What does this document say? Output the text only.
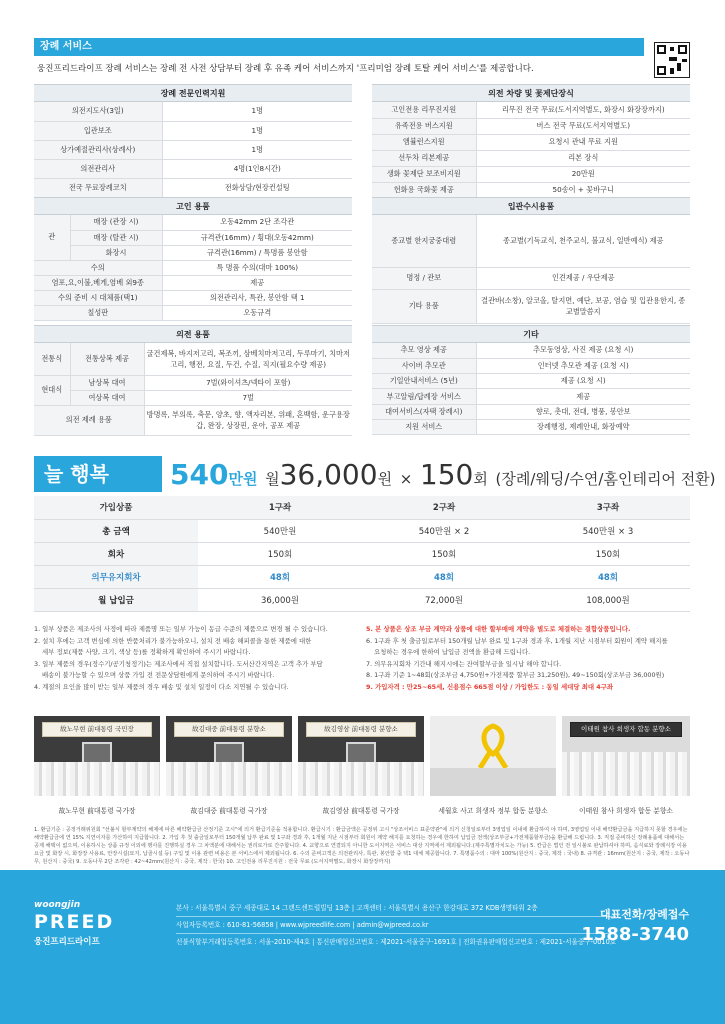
장례 서비스
웅진프리드라이프 장례 서비스는 장례 전 사전 상담부터 장례 후 유족 케어 서비스까지 '프리미엄 장례 토탈 케어 서비스'를 제공합니다.
장례 전문인력지원
의전지도사(3일)	1명
입관보조	1명
상가예절관리사(상례사)	1명
의전관리사	4명(1인8시간)
전국 무료장례코치	전화상담/현장컨설팅
고인 용품
관	매장 (관장 시)	오동42mm 2단 조각관
	매장 (탈관 시)	규격관(16mm) / 횡대(오동42mm)
	화장시	규격관(16mm) / 특명품 봉안함
수의		특 명품 수의(대마 100%)
염포,요,이불,베게,염베 외9종		제공
수의 준비 시 대체품(택1)		의전관리사, 특관, 봉안함 택 1
칠성판		오동규격
의전 용품
전통식	전통상복 제공	굴건제복, 바지저고리, 복조끼, 삼베치마저고리, 두루마기, 치마저고리, 행전, 요질, 두건, 수질, 직지(필요수량 제공)
현대식	남상복 대여	7벌(와이셔츠/넥타이 포함)
	여상복 대여	7벌
의전 제례 용품		방명록, 부의록, 축문, 양초, 향, 액자리본, 위패, 혼백함, 운구용장갑, 완장, 상장핀, 운아, 공포 제공
의전 차량 및 꽃제단장식
고인전용 리무진지원	리무진 전국 무료(도서지역별도, 화장시 화장장까지)
유족전용 버스지원	버스 전국 무료(도서지역별도)
앰뷸런스지원	요청시 관내 무료 지원
선두차 리본제공	리본 장식
생화 꽃제단 보조비지원	20만원
헌화용 국화꽃 제공	50송이 + 꽃바구니
입관수시용품
종교별 한지궁중대렴	종교별(기독교식, 천주교식, 불교식, 일반예식) 제공
명정 / 관보	인견제공 / 우단제공
기타 용품	결관바(소창), 알코올, 탈지면, 예단, 보공, 염습 및 입관용한지, 종교별말씀지
기타
추모 영상 제공	추모동영상, 사진 제공 (요청 시)
사이버 추모관	인터넷 추모관 제공 (요청 시)
기일안내서비스 (5년)	제공 (요청 시)
부고알림/답례장 서비스	제공
대여서비스(자택 장례시)	향로, 촛대, 전대, 병풍, 봉안보
지원 서비스	장례행정, 제례안내, 화장예약
늘 행복	540만원 월36,000원 × 150회 (장례/웨딩/수연/홈인테리어 전환)
가입상품	1구좌	2구좌	3구좌
총 금액	540만원	540만원 × 2	540만원 × 3
회차	150회	150회	150회
의무유지회차	48회	48회	48회
월 납입금	36,000원	72,000원	108,000원
1. 일부 상품은 제조사의 사정에 따라 제품명 또는 일부 가능이 동급 수준의 제품으로 변경 될 수 있습니다.
2. 설치 후에는 고객 변심에 의한 반품처리가 불가능하오니, 설치 전 배송 해피콜을 통한 제품에 대한
세부 정보(제품 사양, 크기, 색상 등)를 정확하게 확인하여 주시기 바랍니다.
3. 일부 제품의 경우(정수기/공기청정기)는 제조사에서 직접 설치합니다. 도서산간지역은 고객 추가 부담
배송이 불가능할 수 있으며 상품 가입 전 전문상담원에게 문의하여 주시기 바랍니다.
4. 계절의 요인을 많이 받는 일부 제품의 경우 배송 및 설치 일정이 다소 지연될 수 있습니다.
5. 본 상품은 상조 부금 계약과 상품에 대한 할부매매 계약을 별도로 체결하는 결합상품입니다.
6. 1구좌 후 첫 출금일로부터 150개월 납부 완료 및 1구좌 경과 후, 1개월 지난 시점부터 회원이 계약 해지를
요청하는 경우에 한하여 납입금 전액을 환급해 드립니다.
7. 의무유지회차 기간내 해지시에는 잔여할부금을 일시납 해야 합니다.
8. 1구좌 기준 1~48회(상조부금 4,750원+가전제품 할부금 31,250원), 49~150회(상조부금 36,000원)
9. 가입자격 : 만25~65세, 신용점수 665점 이상 / 가입한도 : 동일 세대당 최대 4구좌
故노무현 前대통령 국민장
故노무현 前대통령 국가장
故김대중 前대통령 분향소
故김대중 前대통령 국가장
故김영삼 前대통령 분향소
故김영삼 前대통령 국가장	세월호 사고 희생자 정부 합동 분향소
이태원 참사 희생자 합동 분향소
이태원 참사 희생자 합동 분향소
1. 환급기준 : 공정거래위원회 "선불식 할부계약의 해제에 따른 해약환급금 산정기준 고시"에 의거 환급기준을 적용합니다. 환급시기 : 환급금액은 공정위 고시 "상조서비스 표준약관"에 의거 신청일로부터 3영업일 이내에 환급하여 야 하며, 3영업일 이내 해약환급금을 지급하지 못할 경우에는 해약환급금에 연 15% 지연이자를 가산하여 지급합니다. 2. 가입 후 첫 출금일로부터 150개월 납부 완료 및 1구좌 경과 후, 1개월 지난 시점부터 회원이 계약 해지를 요청하는 경우에 한하여 납입금 전액(상조부금+가전제품할부금)을 환급해 드립니다. 3. 직접 준비하신 장례용품에 대해서는 공제 해택이 없으며, 이용하시는 상품 규정 이외에 행사를 진행하실 경우 그 차액분에 대해서는 권리로가로 간주합니다. 4. 교향으로 연결되지 아니한 도서지역은 서비스 대상 지역에서 제외됩니다.(제주특별자치도는 가능) 5. 칸급은 법인 전 일시불로 완납하셔야 하며, 음식료와 장례식장 이용요금 및 화장 시, 화장장 사용료, 안장시설(묘지, 납골시설 등) 구입 및 이용 관련 비용은 본 서비스에서 제외됩니다. 6. 수의 준비고객은 의전관리사, 특관, 봉안함 중 택1 대체 제공합니다. 7. 특명품수의 : 대마 100%(원산지 : 중국, 제작 : 국내) 8. 규격관 : 16mm(원산지 : 중국, 제작 : 오동나무, 원산지 : 중국) 9. 오동나무 2단 조각관 : 42~42mm(원산지 : 중국, 제작 : 한국) 10. 고인전용 리무진지원 : 전국 무료 (도서지역별도, 화장시 화장장까지)
woongjin
PREED
웅진프리드라이프
본사 : 서울특별시 중구 세종대로 14 그랜드센트럴빌딩 13층 | 고객센터 : 서울특별시 용산구 한강대로 372 KDB생명타워 2층
사업자등록번호 : 610-81-56858 | www.wjpreedlife.com | admin@wjpreed.co.kr
선불식할부거래업등록번호 : 서울-2010-제4호 | 통신판매업신고번호 : 제2021-서울중구-1691호 | 전화권유판매업신고번호 : 제2021-서울중구-0010호
대표전화/장례접수
1588-3740
